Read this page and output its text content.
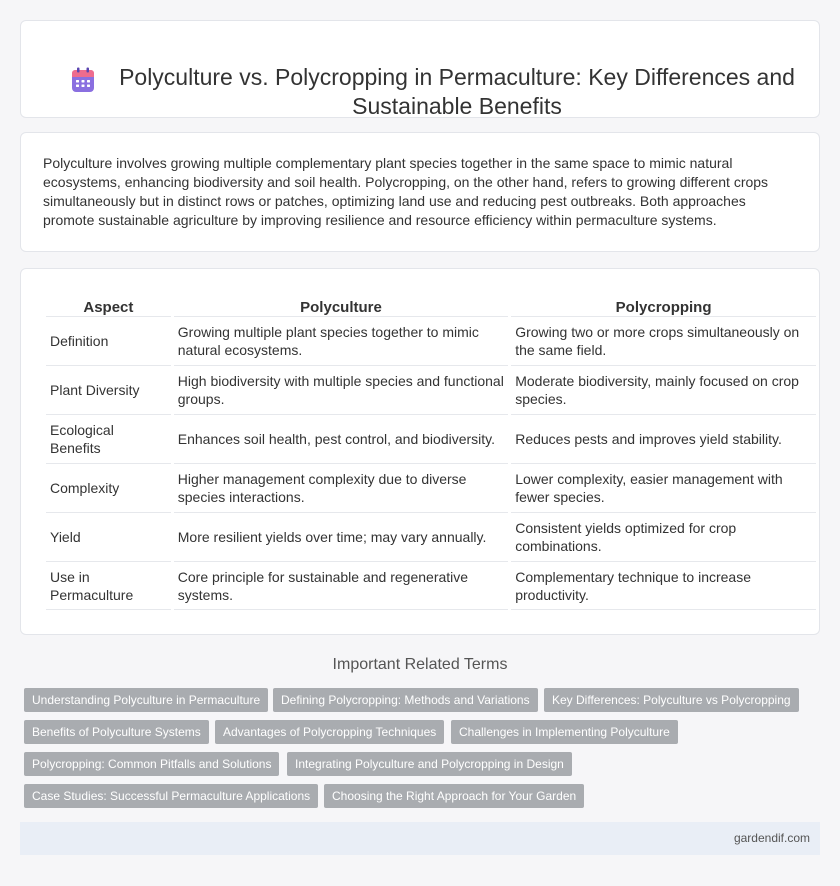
Polyculture vs. Polycropping in Permaculture: Key Differences and Sustainable Benefits

Polyculture involves growing multiple complementary plant species together in the same space to mimic natural ecosystems, enhancing biodiversity and soil health. Polycropping, on the other hand, refers to growing different crops simultaneously but in distinct rows or patches, optimizing land use and reducing pest outbreaks. Both approaches promote sustainable agriculture by improving resilience and resource efficiency within permaculture systems.

Aspect	Polyculture	Polycropping
Definition	Growing multiple plant species together to mimic natural ecosystems.	Growing two or more crops simultaneously on the same field.
Plant Diversity	High biodiversity with multiple species and functional groups.	Moderate biodiversity, mainly focused on crop species.
Ecological Benefits	Enhances soil health, pest control, and biodiversity.	Reduces pests and improves yield stability.
Complexity	Higher management complexity due to diverse species interactions.	Lower complexity, easier management with fewer species.
Yield	More resilient yields over time; may vary annually.	Consistent yields optimized for crop combinations.
Use in Permaculture	Core principle for sustainable and regenerative systems.	Complementary technique to increase productivity.
Important Related Terms
Understanding Polyculture in Permaculture	Defining Polycropping: Methods and Variations	Key Differences: Polyculture vs Polycropping
Benefits of Polyculture Systems	Advantages of Polycropping Techniques	Challenges in Implementing Polyculture
Polycropping: Common Pitfalls and Solutions	Integrating Polyculture and Polycropping in Design
Case Studies: Successful Permaculture Applications	Choosing the Right Approach for Your Garden
gardendif.com
